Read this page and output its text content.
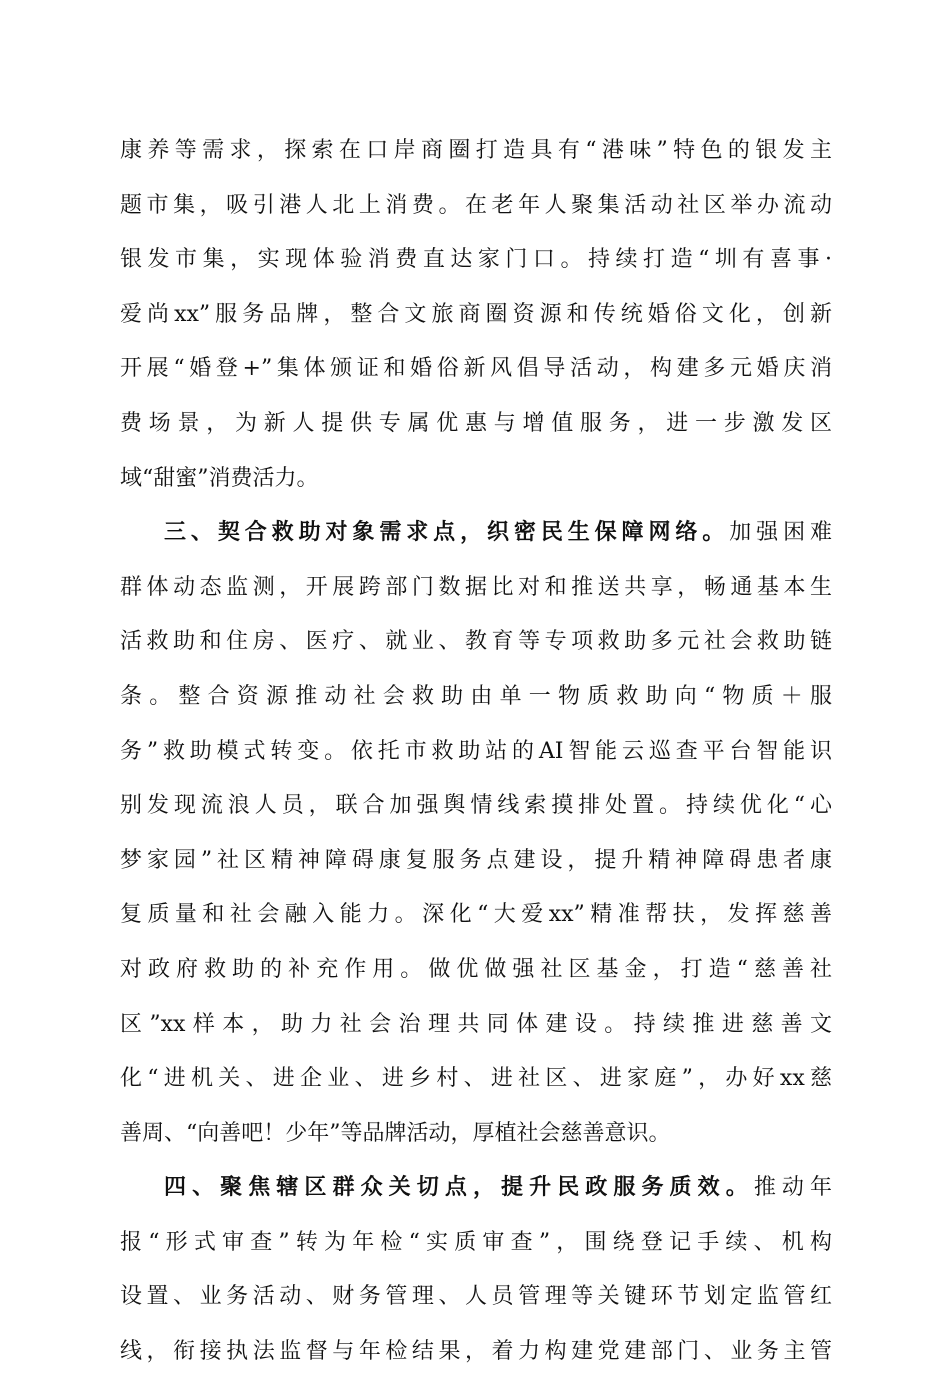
康养等需求，探索在口岸商圈打造具有“港味”特色的银发主
题市集，吸引港人北上消费。在老年人聚集活动社区举办流动
银发市集，实现体验消费直达家门口。持续打造“圳有喜事·
爱尚xx”服务品牌，整合文旅商圈资源和传统婚俗文化，创新
开展“婚登+”集体颁证和婚俗新风倡导活动，构建多元婚庆消
费场景，为新人提供专属优惠与增值服务，进一步激发区
域“甜蜜”消费活力。
三、契合救助对象需求点，织密民生保障网络。加强困难
群体动态监测，开展跨部门数据比对和推送共享，畅通基本生
活救助和住房、医疗、就业、教育等专项救助多元社会救助链
条。整合资源推动社会救助由单一物质救助向“物质＋服
务”救助模式转变。依托市救助站的AI智能云巡查平台智能识
别发现流浪人员，联合加强舆情线索摸排处置。持续优化“心
梦家园”社区精神障碍康复服务点建设，提升精神障碍患者康
复质量和社会融入能力。深化“大爱xx”精准帮扶，发挥慈善
对政府救助的补充作用。做优做强社区基金，打造“慈善社
区”xx样本，助力社会治理共同体建设。持续推进慈善文
化“进机关、进企业、进乡村、进社区、进家庭”，办好xx慈
善周、“向善吧！少年”等品牌活动，厚植社会慈善意识。
四、聚焦辖区群众关切点，提升民政服务质效。推动年
报“形式审查”转为年检“实质审查”，围绕登记手续、机构
设置、业务活动、财务管理、人员管理等关键环节划定监管红
线，衔接执法监督与年检结果，着力构建党建部门、业务主管
